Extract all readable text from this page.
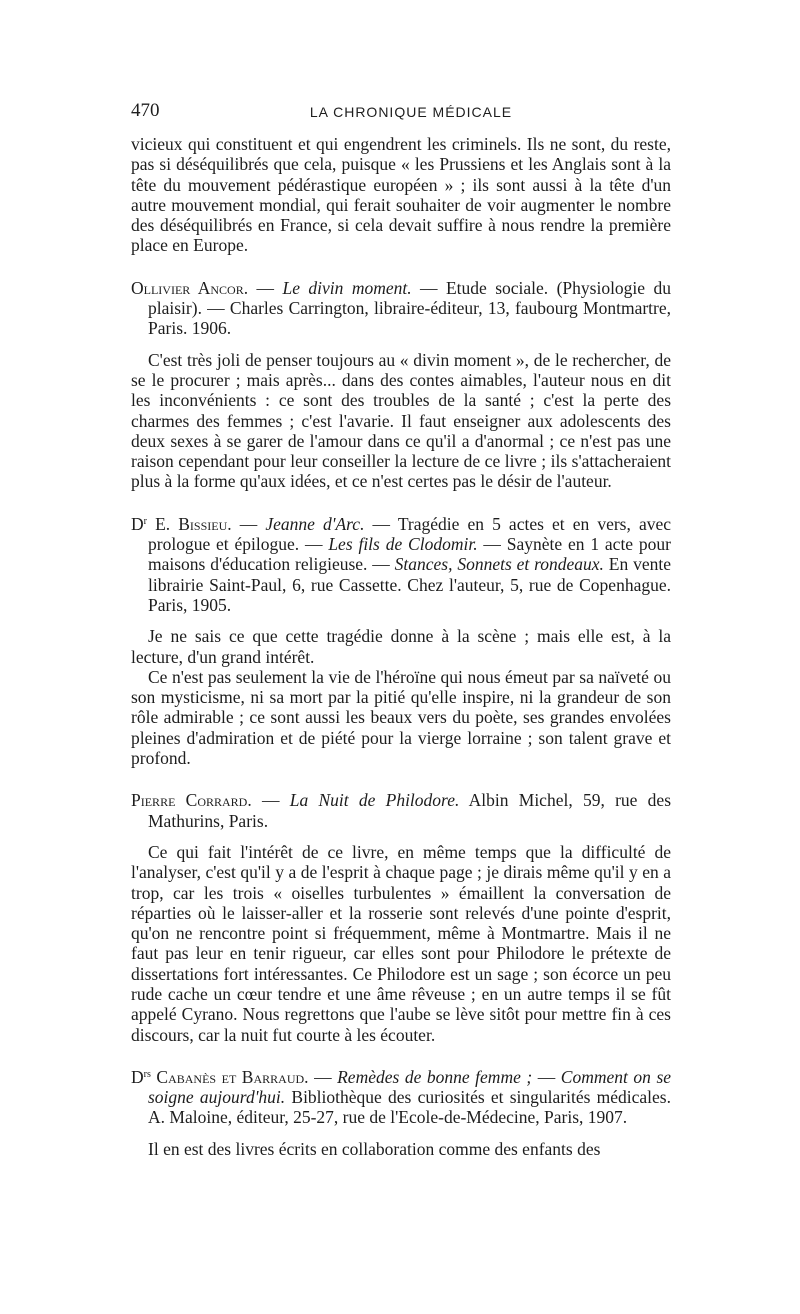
470	LA CHRONIQUE MÉDICALE

vicieux qui constituent et qui engendrent les criminels. Ils ne sont, du reste, pas si déséquilibrés que cela, puisque « les Prussiens et les Anglais sont à la tête du mouvement pédérastique européen » ; ils sont aussi à la tête d'un autre mouvement mondial, qui ferait souhaiter de voir augmenter le nombre des déséquilibrés en France, si cela devait suffire à nous rendre la première place en Europe.

Ollivier Ancor. — Le divin moment. — Etude sociale. (Physiologie du plaisir). — Charles Carrington, libraire-éditeur, 13, faubourg Montmartre, Paris. 1906.

C'est très joli de penser toujours au « divin moment », de le rechercher, de se le procurer ; mais après... dans des contes aimables, l'auteur nous en dit les inconvénients : ce sont des troubles de la santé ; c'est la perte des charmes des femmes ; c'est l'avarie. Il faut enseigner aux adolescents des deux sexes à se garer de l'amour dans ce qu'il a d'anormal ; ce n'est pas une raison cependant pour leur conseiller la lecture de ce livre ; ils s'attacheraient plus à la forme qu'aux idées, et ce n'est certes pas le désir de l'auteur.

$D^r$ E. Bissieu. — Jeanne d'Arc. — Tragédie en 5 actes et en vers, avec prologue et épilogue. — Les fils de Clodomir. — Saynète en 1 acte pour maisons d'éducation religieuse. — Stances, Sonnets et rondeaux. En vente librairie Saint-Paul, 6, rue Cassette. Chez l'auteur, 5, rue de Copenhague. Paris, 1905.

Je ne sais ce que cette tragédie donne à la scène ; mais elle est, à la lecture, d'un grand intérêt.

Ce n'est pas seulement la vie de l'héroïne qui nous émeut par sa naïveté ou son mysticisme, ni sa mort par la pitié qu'elle inspire, ni la grandeur de son rôle admirable ; ce sont aussi les beaux vers du poète, ses grandes envolées pleines d'admiration et de piété pour la vierge lorraine ; son talent grave et profond.

Pierre Corrard. — La Nuit de Philodore. Albin Michel, 59, rue des Mathurins, Paris.

Ce qui fait l'intérêt de ce livre, en même temps que la difficulté de l'analyser, c'est qu'il y a de l'esprit à chaque page ; je dirais même qu'il y en a trop, car les trois « oiselles turbulentes » émaillent la conversation de réparties où le laisser-aller et la rosserie sont relevés d'une pointe d'esprit, qu'on ne rencontre point si fréquemment, même à Montmartre. Mais il ne faut pas leur en tenir rigueur, car elles sont pour Philodore le prétexte de dissertations fort intéressantes. Ce Philodore est un sage ; son écorce un peu rude cache un cœur tendre et une âme rêveuse ; en un autre temps il se fût appelé Cyrano. Nous regrettons que l'aube se lève sitôt pour mettre fin à ces discours, car la nuit fut courte à les écouter.

$D^{rs}$ Cabanès et Barraud. — Remèdes de bonne femme ; — Comment on se soigne aujourd'hui. Bibliothèque des curiosités et singularités médicales. A. Maloine, éditeur, 25-27, rue de l'Ecole-de-Médecine, Paris, 1907.

Il en est des livres écrits en collaboration comme des enfants des
